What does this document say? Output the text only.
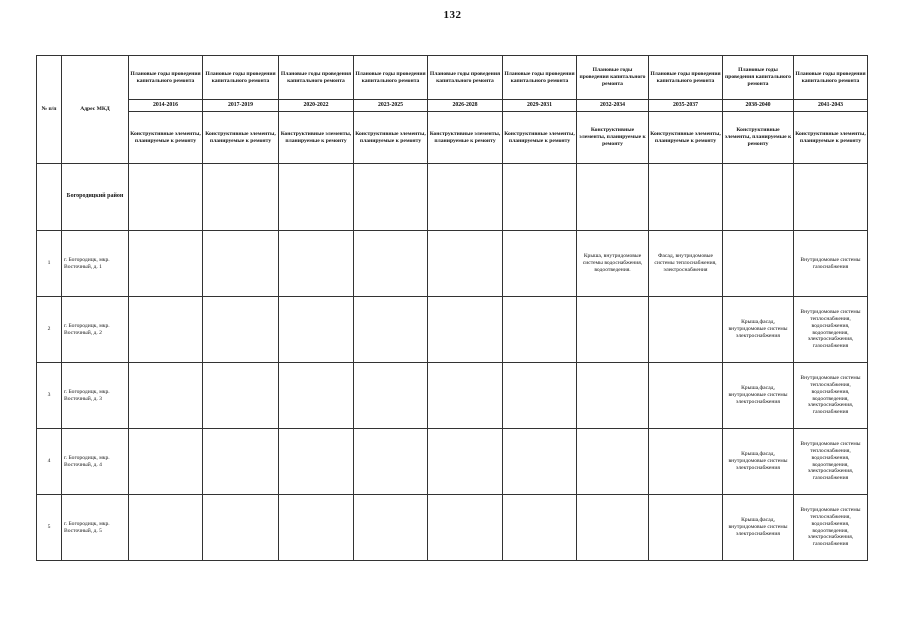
132
№ п/п	Адрес МКД	Плановые годы проведения капитального ремонта	Плановые годы проведения капитального ремонта	Плановые годы проведения капитального ремонта	Плановые годы проведения капитального ремонта	Плановые годы проведения капитального ремонта	Плановые годы проведения капитального ремонта	Плановые годы проведения капитального ремонта	Плановые годы проведения капитального ремонта	Плановые годы проведения капитального ремонта	Плановые годы проведения капитального ремонта
		2014-2016	2017-2019	2020-2022	2023-2025	2026-2028	2029-2031	2032-2034	2035-2037	2038-2040	2041-2043
		Конструктивные элементы, планируемые к ремонту	Конструктивные элементы, планируемые к ремонту	Конструктивные элементы, планируемые к ремонту	Конструктивные элементы, планируемые к ремонту	Конструктивные элементы, планируемые к ремонту	Конструктивные элементы, планируемые к ремонту	Конструктивные элементы, планируемые к ремонту	Конструктивные элементы, планируемые к ремонту	Конструктивные элементы, планируемые к ремонту	Конструктивные элементы, планируемые к ремонту
	Богородицкий район										
1	г. Богородицк, мкр. Восточный, д. 1							Крыша, внутридомовые системы водоснабжения, водоотведения.	Фасад, внутридомовые системы теплоснабжения, электроснабжения		Внутридомовые системы газоснабжения
2	г. Богородицк, мкр. Восточный, д. 2									Крыша,фасад, внутридомовые системы электроснабжения	Внутридомовые системы теплоснабжения, водоснабжения, водоотведения, электроснабжения, газоснабжения
3	г. Богородицк, мкр. Восточный, д. 3									Крыша,фасад, внутридомовые системы электроснабжения	Внутридомовые системы теплоснабжения, водоснабжения, водоотведения, электроснабжения, газоснабжения
4	г. Богородицк, мкр. Восточный, д. 4									Крыша,фасад, внутридомовые системы электроснабжения	Внутридомовые системы теплоснабжения, водоснабжения, водоотведения, электроснабжения, газоснабжения
5	г. Богородицк, мкр. Восточный, д. 5									Крыша,фасад, внутридомовые системы электроснабжения	Внутридомовые системы теплоснабжения, водоснабжения, водоотведения, электроснабжения, газоснабжения
